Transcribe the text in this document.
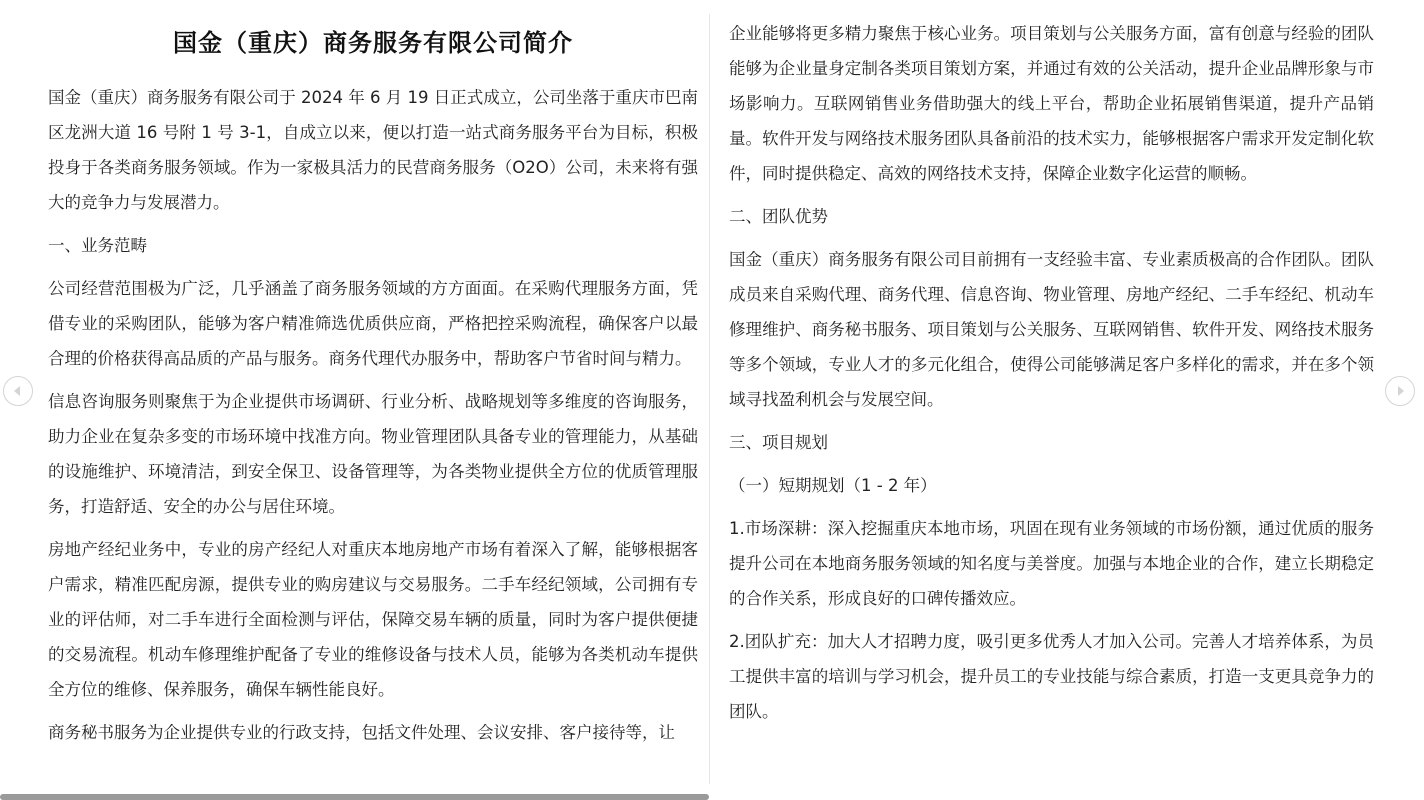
国金（重庆）商务服务有限公司简介
国金（重庆）商务服务有限公司于 2024 年 6 月 19 日正式成立，公司坐落于重庆市巴南区龙洲大道 16 号附 1 号 3-1，自成立以来，便以打造一站式商务服务平台为目标，积极投身于各类商务服务领域。作为一家极具活力的民营商务服务（O2O）公司，未来将有强大的竞争力与发展潜力。
一、业务范畴
公司经营范围极为广泛，几乎涵盖了商务服务领域的方方面面。在采购代理服务方面，凭借专业的采购团队，能够为客户精准筛选优质供应商，严格把控采购流程，确保客户以最合理的价格获得高品质的产品与服务。商务代理代办服务中，帮助客户节省时间与精力。
信息咨询服务则聚焦于为企业提供市场调研、行业分析、战略规划等多维度的咨询服务，助力企业在复杂多变的市场环境中找准方向。物业管理团队具备专业的管理能力，从基础的设施维护、环境清洁，到安全保卫、设备管理等，为各类物业提供全方位的优质管理服务，打造舒适、安全的办公与居住环境。
房地产经纪业务中，专业的房产经纪人对重庆本地房地产市场有着深入了解，能够根据客户需求，精准匹配房源，提供专业的购房建议与交易服务。二手车经纪领域，公司拥有专业的评估师，对二手车进行全面检测与评估，保障交易车辆的质量，同时为客户提供便捷的交易流程。机动车修理维护配备了专业的维修设备与技术人员，能够为各类机动车提供全方位的维修、保养服务，确保车辆性能良好。
商务秘书服务为企业提供专业的行政支持，包括文件处理、会议安排、客户接待等，让
企业能够将更多精力聚焦于核心业务。项目策划与公关服务方面，富有创意与经验的团队能够为企业量身定制各类项目策划方案，并通过有效的公关活动，提升企业品牌形象与市场影响力。互联网销售业务借助强大的线上平台，帮助企业拓展销售渠道，提升产品销量。软件开发与网络技术服务团队具备前沿的技术实力，能够根据客户需求开发定制化软件，同时提供稳定、高效的网络技术支持，保障企业数字化运营的顺畅。
二、团队优势
国金（重庆）商务服务有限公司目前拥有一支经验丰富、专业素质极高的合作团队。团队成员来自采购代理、商务代理、信息咨询、物业管理、房地产经纪、二手车经纪、机动车修理维护、商务秘书服务、项目策划与公关服务、互联网销售、软件开发、网络技术服务等多个领域，专业人才的多元化组合，使得公司能够满足客户多样化的需求，并在多个领域寻找盈利机会与发展空间。
三、项目规划
（一）短期规划（1 - 2 年）
1.市场深耕：深入挖掘重庆本地市场，巩固在现有业务领域的市场份额，通过优质的服务提升公司在本地商务服务领域的知名度与美誉度。加强与本地企业的合作，建立长期稳定的合作关系，形成良好的口碑传播效应。
2.团队扩充：加大人才招聘力度，吸引更多优秀人才加入公司。完善人才培养体系，为员工提供丰富的培训与学习机会，提升员工的专业技能与综合素质，打造一支更具竞争力的团队。
